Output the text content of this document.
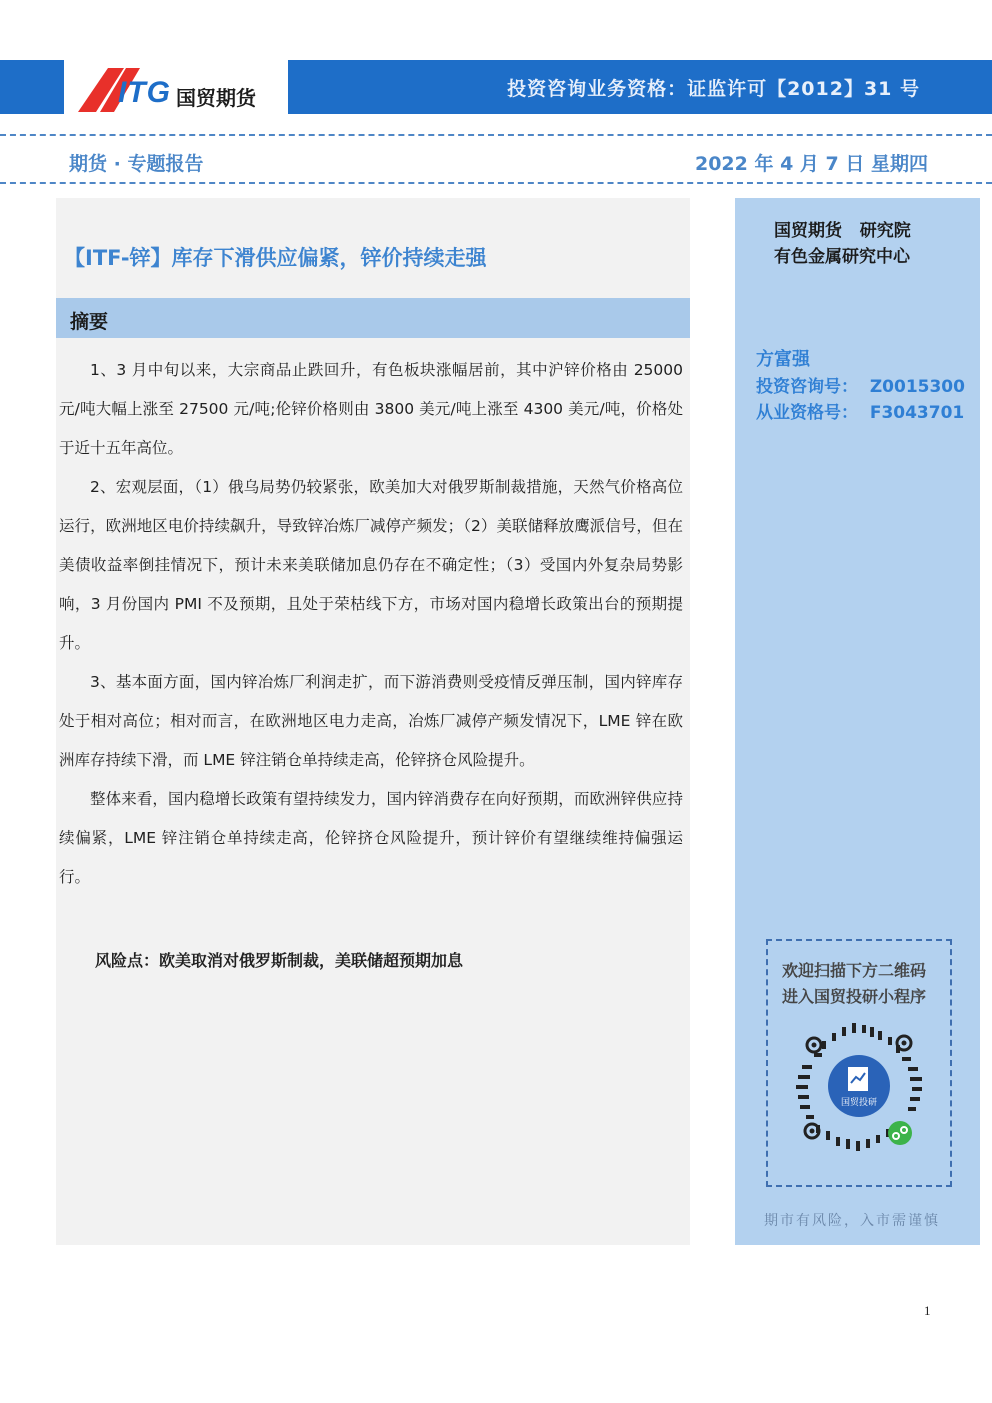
ITG 国贸期货	投资咨询业务资格：证监许可【2012】31 号
期货 · 专题报告	2022 年 4 月 7 日 星期四
【ITF-锌】库存下滑供应偏紧，锌价持续走强
摘要

1、3 月中旬以来，大宗商品止跌回升，有色板块涨幅居前，其中沪锌价格由 25000 元/吨大幅上涨至 27500 元/吨;伦锌价格则由 3800 美元/吨上涨至 4300 美元/吨，价格处于近十五年高位。

2、宏观层面，（1）俄乌局势仍较紧张，欧美加大对俄罗斯制裁措施，天然气价格高位运行，欧洲地区电价持续飙升，导致锌冶炼厂减停产频发；（2）美联储释放鹰派信号，但在美债收益率倒挂情况下，预计未来美联储加息仍存在不确定性；（3）受国内外复杂局势影响，3 月份国内 PMI 不及预期，且处于荣枯线下方，市场对国内稳增长政策出台的预期提升。

3、基本面方面，国内锌冶炼厂利润走扩，而下游消费则受疫情反弹压制，国内锌库存处于相对高位；相对而言，在欧洲地区电力走高，冶炼厂减停产频发情况下，LME 锌在欧洲库存持续下滑，而 LME 锌注销仓单持续走高，伦锌挤仓风险提升。

整体来看，国内稳增长政策有望持续发力，国内锌消费存在向好预期，而欧洲锌供应持续偏紧，LME 锌注销仓单持续走高，伦锌挤仓风险提升，预计锌价有望继续维持偏强运行。

风险点：欧美取消对俄罗斯制裁，美联储超预期加息
国贸期货   研究院
有色金属研究中心
方富强
投资咨询号：  Z0015300
从业资格号：  F3043701
欢迎扫描下方二维码
进入国贸投研小程序
国贸投研
期市有风险，入市需谨慎
1
